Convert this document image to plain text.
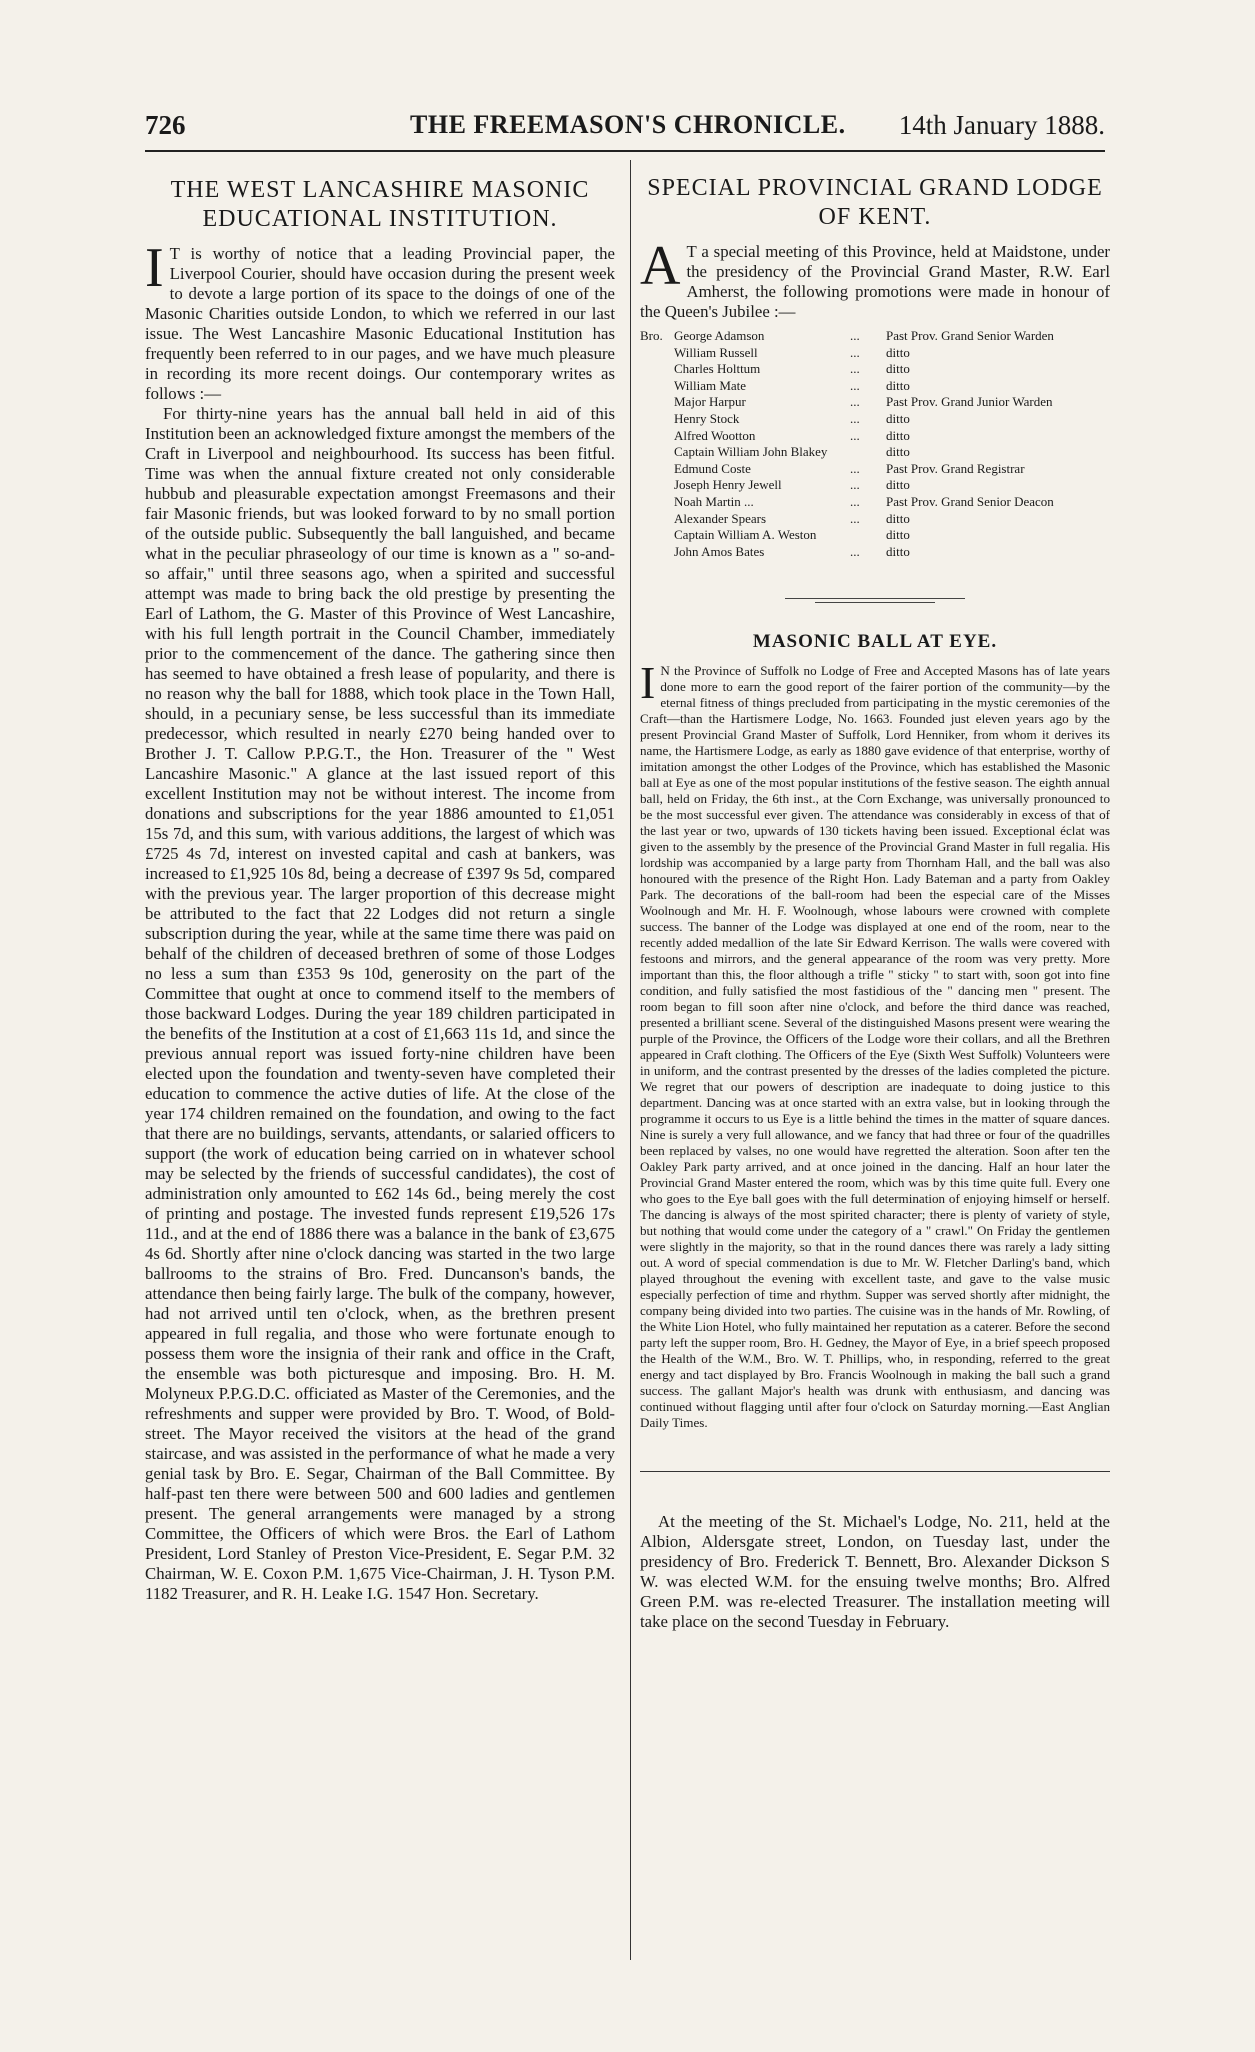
726	THE FREEMASON'S CHRONICLE. 14th January 1888.
THE WEST LANCASHIRE MASONIC EDUCATIONAL INSTITUTION.

I T is worthy of notice that a leading Provincial paper, the Liverpool Courier, should have occasion during the present week to devote a large portion of its space to the doings of one of the Masonic Charities outside London, to which we referred in our last issue. The West Lancashire Masonic Educational Institution has frequently been referred to in our pages, and we have much pleasure in recording its more recent doings. Our contemporary writes as follows :—

For thirty-nine years has the annual ball held in aid of this Institution been an acknowledged fixture amongst the members of the Craft in Liverpool and neighbourhood. Its success has been fitful. Time was when the annual fixture created not only considerable hubbub and pleasurable expectation amongst Freemasons and their fair Masonic friends, but was looked forward to by no small portion of the outside public. Subsequently the ball languished, and became what in the peculiar phraseology of our time is known as a " so-and-so affair," until three seasons ago, when a spirited and successful attempt was made to bring back the old prestige by presenting the Earl of Lathom, the G. Master of this Province of West Lancashire, with his full length portrait in the Council Chamber, immediately prior to the commencement of the dance. The gathering since then has seemed to have obtained a fresh lease of popularity, and there is no reason why the ball for 1888, which took place in the Town Hall, should, in a pecuniary sense, be less successful than its immediate predecessor, which resulted in nearly £270 being handed over to Brother J. T. Callow P.P.G.T., the Hon. Treasurer of the " West Lancashire Masonic." A glance at the last issued report of this excellent Institution may not be without interest. The income from donations and subscriptions for the year 1886 amounted to £1,051 15s 7d, and this sum, with various additions, the largest of which was £725 4s 7d, interest on invested capital and cash at bankers, was increased to £1,925 10s 8d, being a decrease of £397 9s 5d, compared with the previous year. The larger proportion of this decrease might be attributed to the fact that 22 Lodges did not return a single subscription during the year, while at the same time there was paid on behalf of the children of deceased brethren of some of those Lodges no less a sum than £353 9s 10d, generosity on the part of the Committee that ought at once to commend itself to the members of those backward Lodges. During the year 189 children participated in the benefits of the Institution at a cost of £1,663 11s 1d, and since the previous annual report was issued forty-nine children have been elected upon the foundation and twenty-seven have completed their education to commence the active duties of life. At the close of the year 174 children remained on the foundation, and owing to the fact that there are no buildings, servants, attendants, or salaried officers to support (the work of education being carried on in whatever school may be selected by the friends of successful candidates), the cost of administration only amounted to £62 14s 6d., being merely the cost of printing and postage. The invested funds represent £19,526 17s 11d., and at the end of 1886 there was a balance in the bank of £3,675 4s 6d. Shortly after nine o'clock dancing was started in the two large ballrooms to the strains of Bro. Fred. Duncanson's bands, the attendance then being fairly large. The bulk of the company, however, had not arrived until ten o'clock, when, as the brethren present appeared in full regalia, and those who were fortunate enough to possess them wore the insignia of their rank and office in the Craft, the ensemble was both picturesque and imposing. Bro. H. M. Molyneux P.P.G.D.C. officiated as Master of the Ceremonies, and the refreshments and supper were provided by Bro. T. Wood, of Bold-street. The Mayor received the visitors at the head of the grand staircase, and was assisted in the performance of what he made a very genial task by Bro. E. Segar, Chairman of the Ball Committee. By half-past ten there were between 500 and 600 ladies and gentlemen present. The general arrangements were managed by a strong Committee, the Officers of which were Bros. the Earl of Lathom President, Lord Stanley of Preston Vice-President, E. Segar P.M. 32 Chairman, W. E. Coxon P.M. 1,675 Vice-Chairman, J. H. Tyson P.M. 1182 Treasurer, and R. H. Leake I.G. 1547 Hon. Secretary.

SPECIAL PROVINCIAL GRAND LODGE OF KENT.

A T a special meeting of this Province, held at Maidstone, under the presidency of the Provincial Grand Master, R.W. Earl Amherst, the following promotions were made in honour of the Queen's Jubilee :—

Bro.	George Adamson	...	Past Prov. Grand Senior Warden
	William Russell	...	ditto
	Charles Holttum	...	ditto
	William Mate	...	ditto
	Major Harpur	...	Past Prov. Grand Junior Warden
	Henry Stock	...	ditto
	Alfred Wootton	...	ditto
	Captain William John Blakey		ditto
	Edmund Coste	...	Past Prov. Grand Registrar
	Joseph Henry Jewell	...	ditto
	Noah Martin ...	...	Past Prov. Grand Senior Deacon
	Alexander Spears	...	ditto
	Captain William A. Weston		ditto
	John Amos Bates	...	ditto
MASONIC BALL AT EYE.

I N the Province of Suffolk no Lodge of Free and Accepted Masons has of late years done more to earn the good report of the fairer portion of the community—by the eternal fitness of things precluded from participating in the mystic ceremonies of the Craft—than the Hartismere Lodge, No. 1663. Founded just eleven years ago by the present Provincial Grand Master of Suffolk, Lord Henniker, from whom it derives its name, the Hartismere Lodge, as early as 1880 gave evidence of that enterprise, worthy of imitation amongst the other Lodges of the Province, which has established the Masonic ball at Eye as one of the most popular institutions of the festive season. The eighth annual ball, held on Friday, the 6th inst., at the Corn Exchange, was universally pronounced to be the most successful ever given. The attendance was considerably in excess of that of the last year or two, upwards of 130 tickets having been issued. Exceptional éclat was given to the assembly by the presence of the Provincial Grand Master in full regalia. His lordship was accompanied by a large party from Thornham Hall, and the ball was also honoured with the presence of the Right Hon. Lady Bateman and a party from Oakley Park. The decorations of the ball-room had been the especial care of the Misses Woolnough and Mr. H. F. Woolnough, whose labours were crowned with complete success. The banner of the Lodge was displayed at one end of the room, near to the recently added medallion of the late Sir Edward Kerrison. The walls were covered with festoons and mirrors, and the general appearance of the room was very pretty. More important than this, the floor although a trifle " sticky " to start with, soon got into fine condition, and fully satisfied the most fastidious of the " dancing men " present. The room began to fill soon after nine o'clock, and before the third dance was reached, presented a brilliant scene. Several of the distinguished Masons present were wearing the purple of the Province, the Officers of the Lodge wore their collars, and all the Brethren appeared in Craft clothing. The Officers of the Eye (Sixth West Suffolk) Volunteers were in uniform, and the contrast presented by the dresses of the ladies completed the picture. We regret that our powers of description are inadequate to doing justice to this department. Dancing was at once started with an extra valse, but in looking through the programme it occurs to us Eye is a little behind the times in the matter of square dances. Nine is surely a very full allowance, and we fancy that had three or four of the quadrilles been replaced by valses, no one would have regretted the alteration. Soon after ten the Oakley Park party arrived, and at once joined in the dancing. Half an hour later the Provincial Grand Master entered the room, which was by this time quite full. Every one who goes to the Eye ball goes with the full determination of enjoying himself or herself. The dancing is always of the most spirited character; there is plenty of variety of style, but nothing that would come under the category of a " crawl." On Friday the gentlemen were slightly in the majority, so that in the round dances there was rarely a lady sitting out. A word of special commendation is due to Mr. W. Fletcher Darling's band, which played throughout the evening with excellent taste, and gave to the valse music especially perfection of time and rhythm. Supper was served shortly after midnight, the company being divided into two parties. The cuisine was in the hands of Mr. Rowling, of the White Lion Hotel, who fully maintained her reputation as a caterer. Before the second party left the supper room, Bro. H. Gedney, the Mayor of Eye, in a brief speech proposed the Health of the W.M., Bro. W. T. Phillips, who, in responding, referred to the great energy and tact displayed by Bro. Francis Woolnough in making the ball such a grand success. The gallant Major's health was drunk with enthusiasm, and dancing was continued without flagging until after four o'clock on Saturday morning.—East Anglian Daily Times.

At the meeting of the St. Michael's Lodge, No. 211, held at the Albion, Aldersgate street, London, on Tuesday last, under the presidency of Bro. Frederick T. Bennett, Bro. Alexander Dickson S W. was elected W.M. for the ensuing twelve months; Bro. Alfred Green P.M. was re-elected Treasurer. The installation meeting will take place on the second Tuesday in February.
